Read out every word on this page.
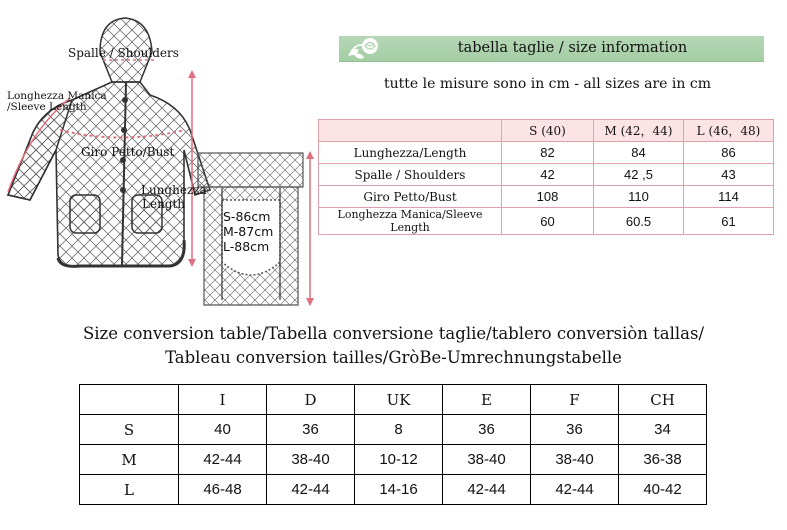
Spalle / Shoulders
Longhezza Manica
/Sleeve Length
Giro Petto/Bust
Lunghezza
Length
S-86cm
M-87cm
L-88cm
tabella taglie / size information
tutte le misure sono in cm - all sizes are in cm
	S (40)	M (42，44)	L (46，48)
Lunghezza/Length	82	84	86
Spalle / Shoulders	42	42 ,5	43
Giro Petto/Bust	108	110	114
Longhezza Manica/Sleeve Length	60	60.5	61
Size conversion table/Tabella conversione taglie/tablero conversiòn tallas/
Tableau conversion tailles/GròBe-Umrechnungstabelle
	I	D	UK	E	F	CH
S	40	36	8	36	36	34
M	42-44	38-40	10-12	38-40	38-40	36-38
L	46-48	42-44	14-16	42-44	42-44	40-42
